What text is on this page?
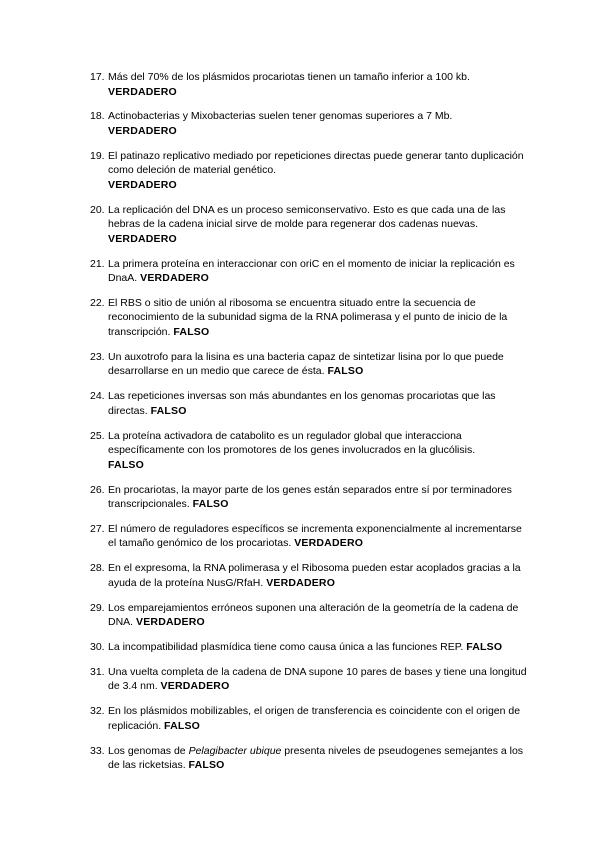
17. Más del 70% de los plásmidos procariotas tienen un tamaño inferior a 100 kb.
VERDADERO
18. Actinobacterias y Mixobacterias suelen tener genomas superiores a 7 Mb.
VERDADERO
19. El patinazo replicativo mediado por repeticiones directas puede generar tanto duplicación como deleción de material genético.
VERDADERO
20. La replicación del DNA es un proceso semiconservativo. Esto es que cada una de las hebras de la cadena inicial sirve de molde para regenerar dos cadenas nuevas.
VERDADERO
21. La primera proteína en interaccionar con oriC en el momento de iniciar la replicación es DnaA. VERDADERO
22. El RBS o sitio de unión al ribosoma se encuentra situado entre la secuencia de reconocimiento de la subunidad sigma de la RNA polimerasa y el punto de inicio de la transcripción. FALSO
23. Un auxotrofo para la lisina es una bacteria capaz de sintetizar lisina por lo que puede desarrollarse en un medio que carece de ésta. FALSO
24. Las repeticiones inversas son más abundantes en los genomas procariotas que las directas. FALSO
25. La proteína activadora de catabolito es un regulador global que interacciona específicamente con los promotores de los genes involucrados en la glucólisis.
FALSO
26. En procariotas, la mayor parte de los genes están separados entre sí por terminadores transcripcionales. FALSO
27. El número de reguladores específicos se incrementa exponencialmente al incrementarse el tamaño genómico de los procariotas. VERDADERO
28. En el expresoma, la RNA polimerasa y el Ribosoma pueden estar acoplados gracias a la ayuda de la proteína NusG/RfaH. VERDADERO
29. Los emparejamientos erróneos suponen una alteración de la geometría de la cadena de DNA. VERDADERO
30. La incompatibilidad plasmídica tiene como causa única a las funciones REP. FALSO
31. Una vuelta completa de la cadena de DNA supone 10 pares de bases y tiene una longitud de 3.4 nm. VERDADERO
32. En los plásmidos mobilizables, el origen de transferencia es coincidente con el origen de replicación. FALSO
33. Los genomas de Pelagibacter ubique presenta niveles de pseudogenes semejantes a los de las ricketsias. FALSO
